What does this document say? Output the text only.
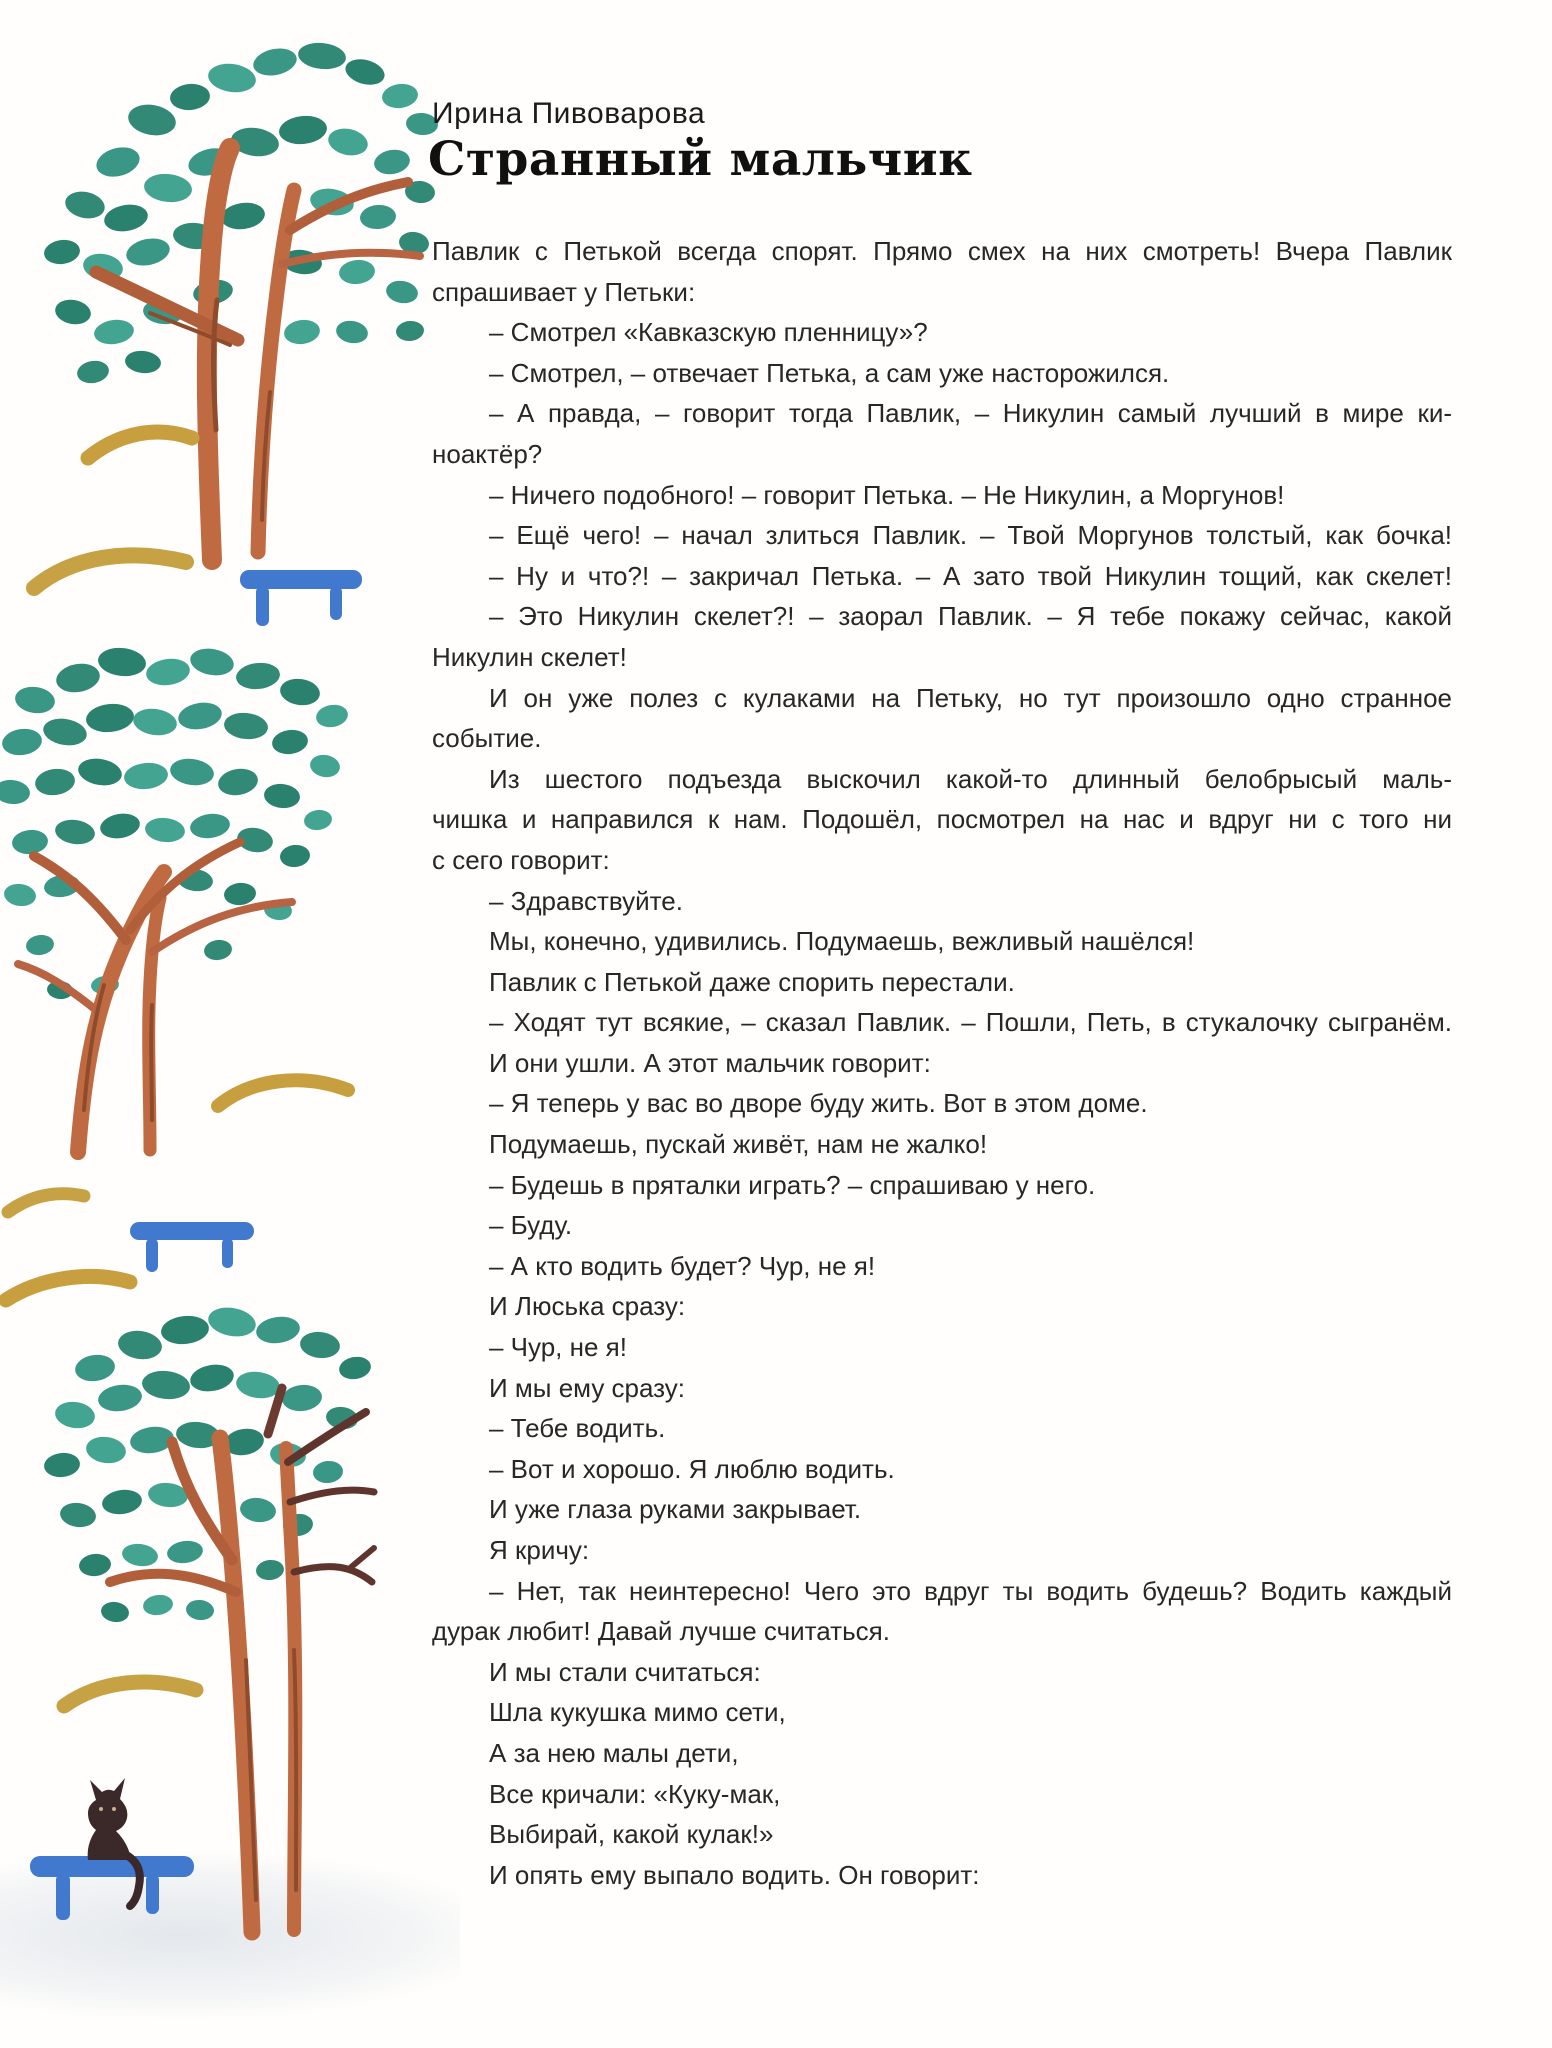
Ирина Пивоварова
Странный мальчик
Павлик с Петькой всегда спорят. Прямо смех на них смотреть! Вчера Павлик
спрашивает у Петьки:
– Смотрел «Кавказскую пленницу»?
– Смотрел, – отвечает Петька, а сам уже насторожился.
– А правда, – говорит тогда Павлик, – Никулин самый лучший в мире ки-
ноактёр?
– Ничего подобного! – говорит Петька. – Не Никулин, а Моргунов!
– Ещё чего! – начал злиться Павлик. – Твой Моргунов толстый, как бочка!
– Ну и что?! – закричал Петька. – А зато твой Никулин тощий, как скелет!
– Это Никулин скелет?! – заорал Павлик. – Я тебе покажу сейчас, какой
Никулин скелет!
И он уже полез с кулаками на Петьку, но тут произошло одно странное
событие.
Из шестого подъезда выскочил какой-то длинный белобрысый маль-
чишка и направился к нам. Подошёл, посмотрел на нас и вдруг ни с того ни
с сего говорит:
– Здравствуйте.
Мы, конечно, удивились. Подумаешь, вежливый нашёлся!
Павлик с Петькой даже спорить перестали.
– Ходят тут всякие, – сказал Павлик. – Пошли, Петь, в стукалочку сыгранём.
И они ушли. А этот мальчик говорит:
– Я теперь у вас во дворе буду жить. Вот в этом доме.
Подумаешь, пускай живёт, нам не жалко!
– Будешь в пряталки играть? – спрашиваю у него.
– Буду.
– А кто водить будет? Чур, не я!
И Люська сразу:
– Чур, не я!
И мы ему сразу:
– Тебе водить.
– Вот и хорошо. Я люблю водить.
И уже глаза руками закрывает.
Я кричу:
– Нет, так неинтересно! Чего это вдруг ты водить будешь? Водить каждый
дурак любит! Давай лучше считаться.
И мы стали считаться:
Шла кукушка мимо сети,
А за нею малы дети,
Все кричали: «Куку-мак,
Выбирай, какой кулак!»
И опять ему выпало водить. Он говорит:
